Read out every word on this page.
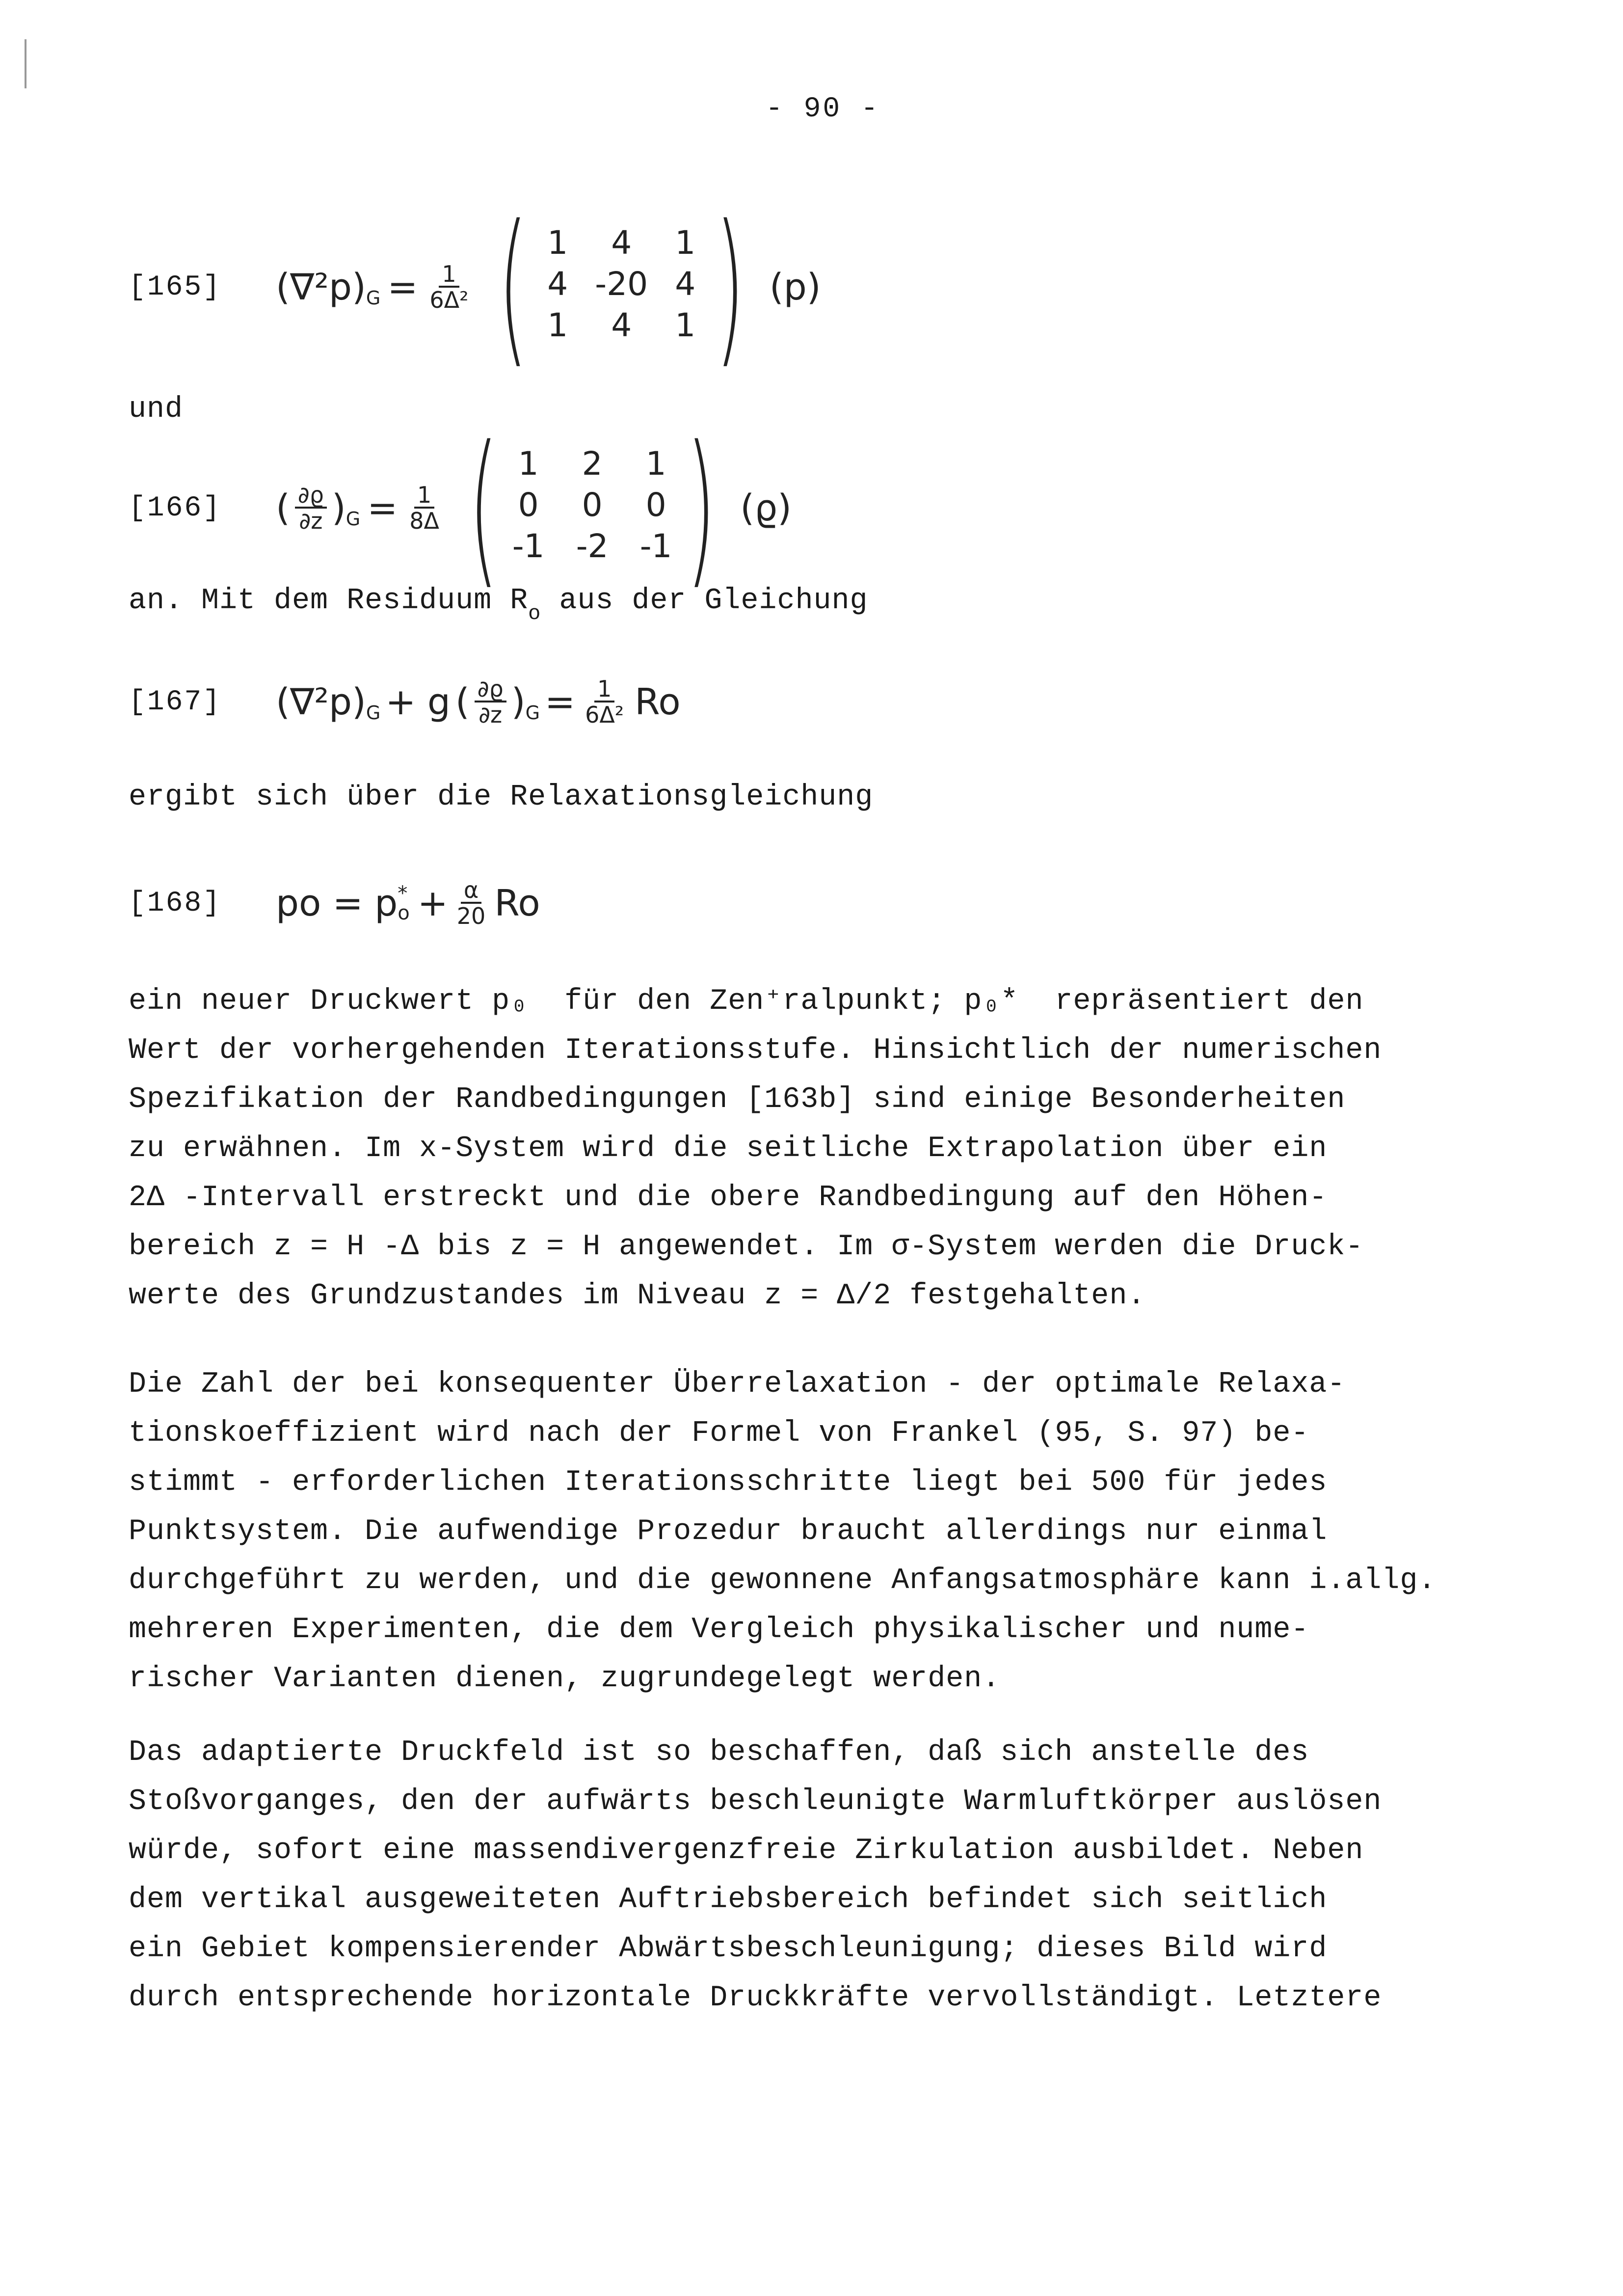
- 90 -
[165]	(∇²p) $G = \frac{1}{\text{6Δ²}}$ ( 1 4 1
4 -20 4
1 4 1 ) (p)
und
[166]	( $\frac{\partial ϱ}{\partial z}$ ) $G = \frac{1}{8\Delta}$ ( 1 2 1
0 0 0
-1 -2 -1 ) (ϱ)
an. Mit dem Residuum $R_o$ aus der Gleichung
[167]	(∇²p) G + g ( $\frac{\partial ϱ}{\partial z}$ ) $G = \frac{1}{\text{6Δ²}}$ Ro
ergibt sich über die Relaxationsgleichung
[168]	po = p *
$o + \frac{\alpha}{20}$ Ro
ein neuer Druckwert p₀  für den Zen⁺ralpunkt; p₀*  repräsentiert den
Wert der vorhergehenden Iterationsstufe. Hinsichtlich der numerischen
Spezifikation der Randbedingungen [163b] sind einige Besonderheiten
zu erwähnen. Im x-System wird die seitliche Extrapolation über ein
2Δ -Intervall erstreckt und die obere Randbedingung auf den Höhen-
bereich z = H -Δ bis z = H angewendet. Im σ-System werden die Druck-
werte des Grundzustandes im Niveau z = Δ/2 festgehalten.
Die Zahl der bei konsequenter Überrelaxation - der optimale Relaxa-
tionskoeffizient wird nach der Formel von Frankel (95, S. 97) be-
stimmt - erforderlichen Iterationsschritte liegt bei 500 für jedes
Punktsystem. Die aufwendige Prozedur braucht allerdings nur einmal
durchgeführt zu werden, und die gewonnene Anfangsatmosphäre kann i.allg.
mehreren Experimenten, die dem Vergleich physikalischer und nume-
rischer Varianten dienen, zugrundegelegt werden.
Das adaptierte Druckfeld ist so beschaffen, daß sich anstelle des
Stoßvorganges, den der aufwärts beschleunigte Warmluftkörper auslösen
würde, sofort eine massendivergenzfreie Zirkulation ausbildet. Neben
dem vertikal ausgeweiteten Auftriebsbereich befindet sich seitlich
ein Gebiet kompensierender Abwärtsbeschleunigung; dieses Bild wird
durch entsprechende horizontale Druckkräfte vervollständigt. Letztere
